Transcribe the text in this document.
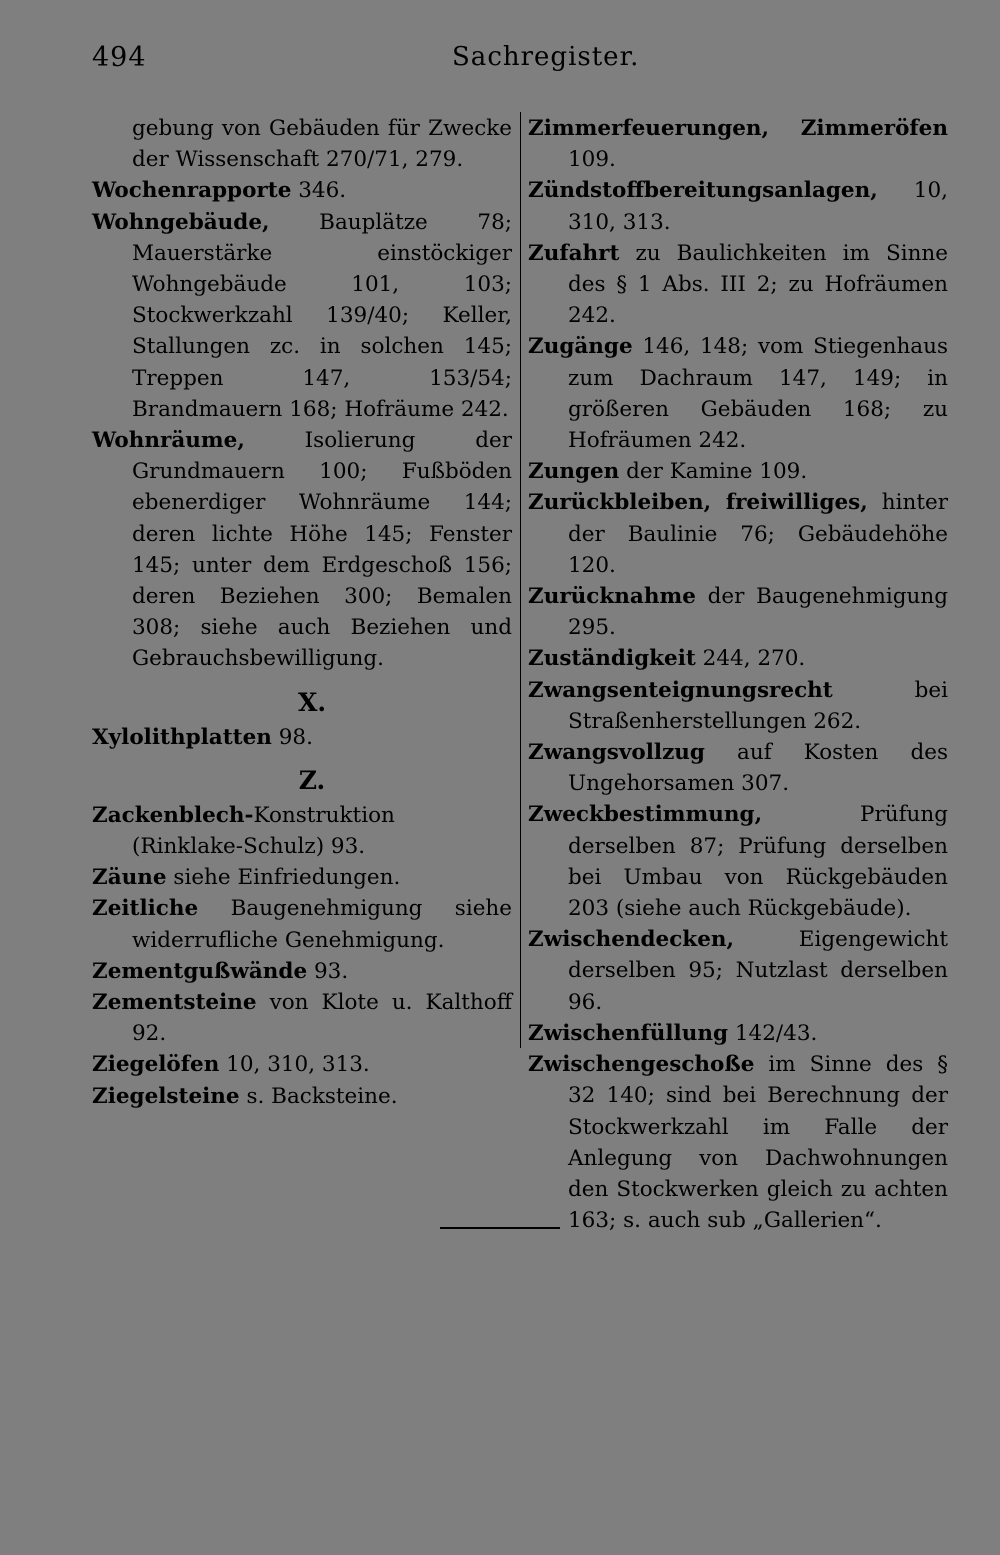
494	Sachregister.

gebung von Gebäuden für Zwecke der Wissenschaft 270/71, 279.

Wochenrapporte 346.

Wohngebäude, Bauplätze 78; Mauerstärke einstöckiger Wohngebäude 101, 103; Stockwerkzahl 139/40; Keller, Stallungen zc. in solchen 145; Treppen 147, 153/54; Brandmauern 168; Hofräume 242.

Wohnräume, Isolierung der Grundmauern 100; Fußböden ebenerdiger Wohnräume 144; deren lichte Höhe 145; Fenster 145; unter dem Erdgeschoß 156; deren Beziehen 300; Bemalen 308; siehe auch Beziehen und Gebrauchsbewilligung.

X.

Xylolithplatten 98.

Z.

Zackenblech-Konstruktion (Rinklake-Schulz) 93.

Zäune siehe Einfriedungen.

Zeitliche Baugenehmigung siehe widerrufliche Genehmigung.

Zementgußwände 93.

Zementsteine von Klote u. Kalthoff 92.

Ziegelöfen 10, 310, 313.

Ziegelsteine s. Backsteine.

Zimmerfeuerungen, Zimmeröfen 109.

Zündstoffbereitungsanlagen, 10, 310, 313.

Zufahrt zu Baulichkeiten im Sinne des § 1 Abs. III 2; zu Hofräumen 242.

Zugänge 146, 148; vom Stiegenhaus zum Dachraum 147, 149; in größeren Gebäuden 168; zu Hofräumen 242.

Zungen der Kamine 109.

Zurückbleiben, freiwilliges, hinter der Baulinie 76; Gebäudehöhe 120.

Zurücknahme der Baugenehmigung 295.

Zuständigkeit 244, 270.

Zwangsenteignungsrecht bei Straßenherstellungen 262.

Zwangsvollzug auf Kosten des Ungehorsamen 307.

Zweckbestimmung, Prüfung derselben 87; Prüfung derselben bei Umbau von Rückgebäuden 203 (siehe auch Rückgebäude).

Zwischendecken, Eigengewicht derselben 95; Nutzlast derselben 96.

Zwischenfüllung 142/43.

Zwischengeschoße im Sinne des § 32 140; sind bei Berechnung der Stockwerkzahl im Falle der Anlegung von Dachwohnungen den Stockwerken gleich zu achten 163; s. auch sub „Gallerien“.
